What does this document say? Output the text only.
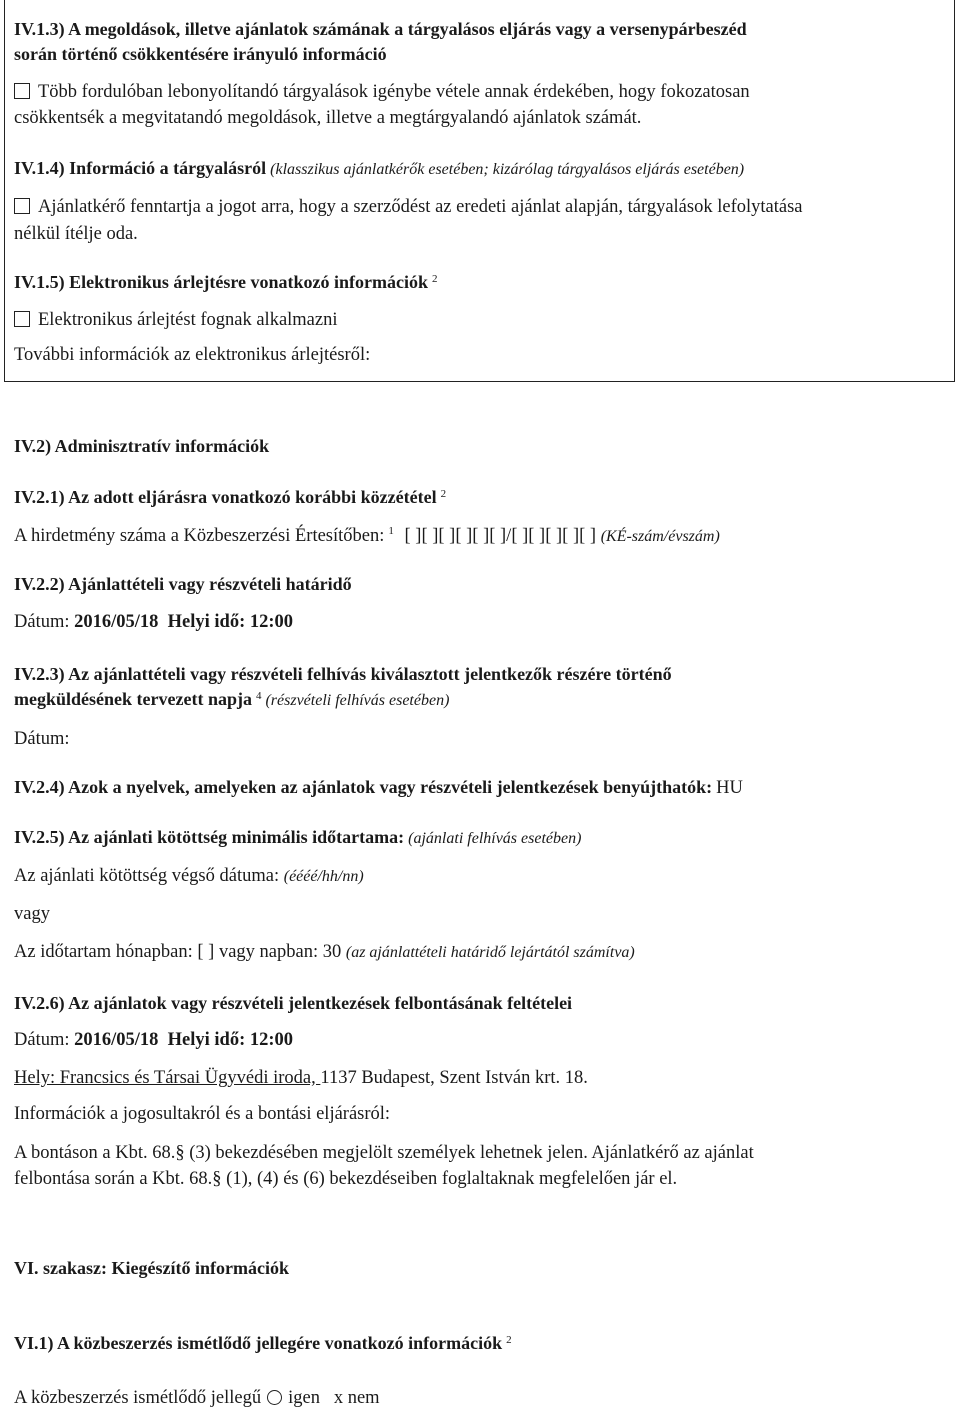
IV.1.3) A megoldások, illetve ajánlatok számának a tárgyalásos eljárás vagy a versenypárbeszéd
során történő csökkentésére irányuló információ
Több fordulóban lebonyolítandó tárgyalások igénybe vétele annak érdekében, hogy fokozatosan
csökkentsék a megvitatandó megoldások, illetve a megtárgyalandó ajánlatok számát.
IV.1.4) Információ a tárgyalásról (klasszikus ajánlatkérők esetében; kizárólag tárgyalásos eljárás esetében)
Ajánlatkérő fenntartja a jogot arra, hogy a szerződést az eredeti ajánlat alapján, tárgyalások lefolytatása
nélkül ítélje oda.
IV.1.5) Elektronikus árlejtésre vonatkozó információk $^2$
Elektronikus árlejtést fognak alkalmazni
További információk az elektronikus árlejtésről:
IV.2) Adminisztratív információk
IV.2.1) Az adott eljárásra vonatkozó korábbi közzététel $^2$
A hirdetmény száma a Közbeszerzési Értesítőben: $^1$ [ ][ ][ ][ ][ ][ ]/[ ][ ][ ][ ][ ] (KÉ-szám/évszám)
IV.2.2) Ajánlattételi vagy részvételi határidő
Dátum: 2016/05/18 Helyi idő: 12:00
IV.2.3) Az ajánlattételi vagy részvételi felhívás kiválasztott jelentkezők részére történő
megküldésének tervezett napja $^4$ (részvételi felhívás esetében)
Dátum:
IV.2.4) Azok a nyelvek, amelyeken az ajánlatok vagy részvételi jelentkezések benyújthatók: HU
IV.2.5) Az ajánlati kötöttség minimális időtartama: (ajánlati felhívás esetében)
Az ajánlati kötöttség végső dátuma: (éééé/hh/nn)
vagy
Az időtartam hónapban: [ ] vagy napban: 30 (az ajánlattételi határidő lejártától számítva)
IV.2.6) Az ajánlatok vagy részvételi jelentkezések felbontásának feltételei
Dátum: 2016/05/18 Helyi idő: 12:00
Hely: Francsics és Társai Ügyvédi iroda, 1137 Budapest, Szent István krt. 18.
Információk a jogosultakról és a bontási eljárásról:
A bontáson a Kbt. 68.§ (3) bekezdésében megjelölt személyek lehetnek jelen. Ajánlatkérő az ajánlat
felbontása során a Kbt. 68.§ (1), (4) és (6) bekezdéseiben foglaltaknak megfelelően jár el.
VI. szakasz: Kiegészítő információk
VI.1) A közbeszerzés ismétlődő jellegére vonatkozó információk $^2$
A közbeszerzés ismétlődő jellegű igen x nem
